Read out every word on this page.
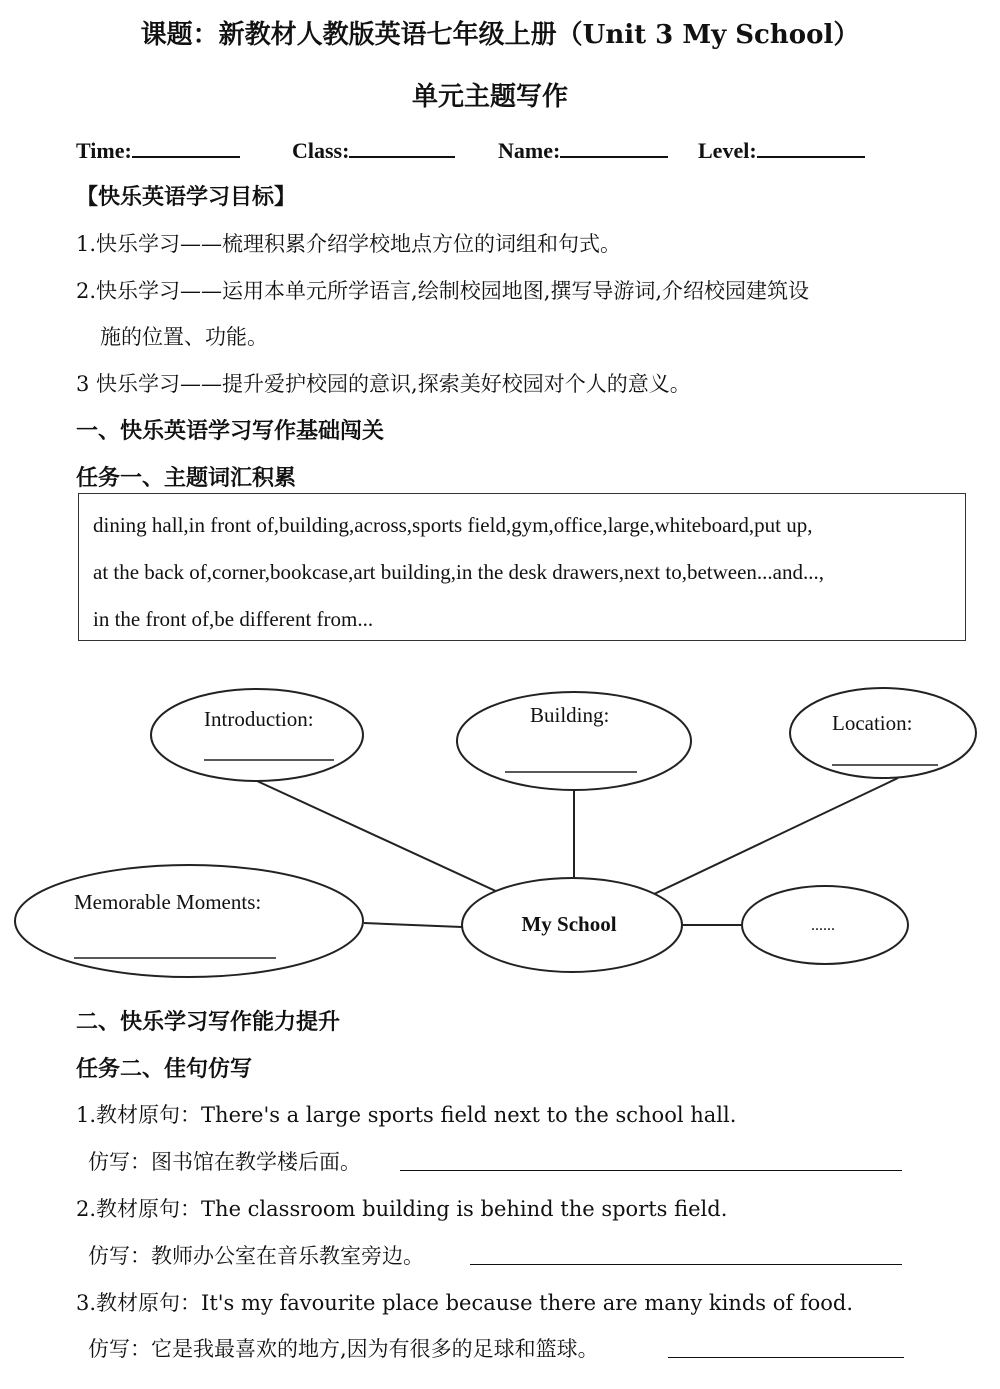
课题：新教材人教版英语七年级上册（Unit 3 My School）
单元主题写作
Time:	Class:	Name:	Level:
【快乐英语学习目标】
1.快乐学习——梳理积累介绍学校地点方位的词组和句式。
2.快乐学习——运用本单元所学语言,绘制校园地图,撰写导游词,介绍校园建筑设
施的位置、功能。
3 快乐学习——提升爱护校园的意识,探索美好校园对个人的意义。
一、快乐英语学习写作基础闯关
任务一、主题词汇积累
dining hall,in front of,building,across,sports field,gym,office,large,whiteboard,put up,
at the back of,corner,bookcase,art building,in the desk drawers,next to,between...and...,
in the front of,be different from...
Introduction:	Building:	Location:
Memorable Moments:
My School	......
二、快乐学习写作能力提升
任务二、佳句仿写
1.教材原句：There's a large sports field next to the school hall.
仿写：图书馆在教学楼后面。
2.教材原句：The classroom building is behind the sports field.
仿写：教师办公室在音乐教室旁边。
3.教材原句：It's my favourite place because there are many kinds of food.
仿写：它是我最喜欢的地方,因为有很多的足球和篮球。
